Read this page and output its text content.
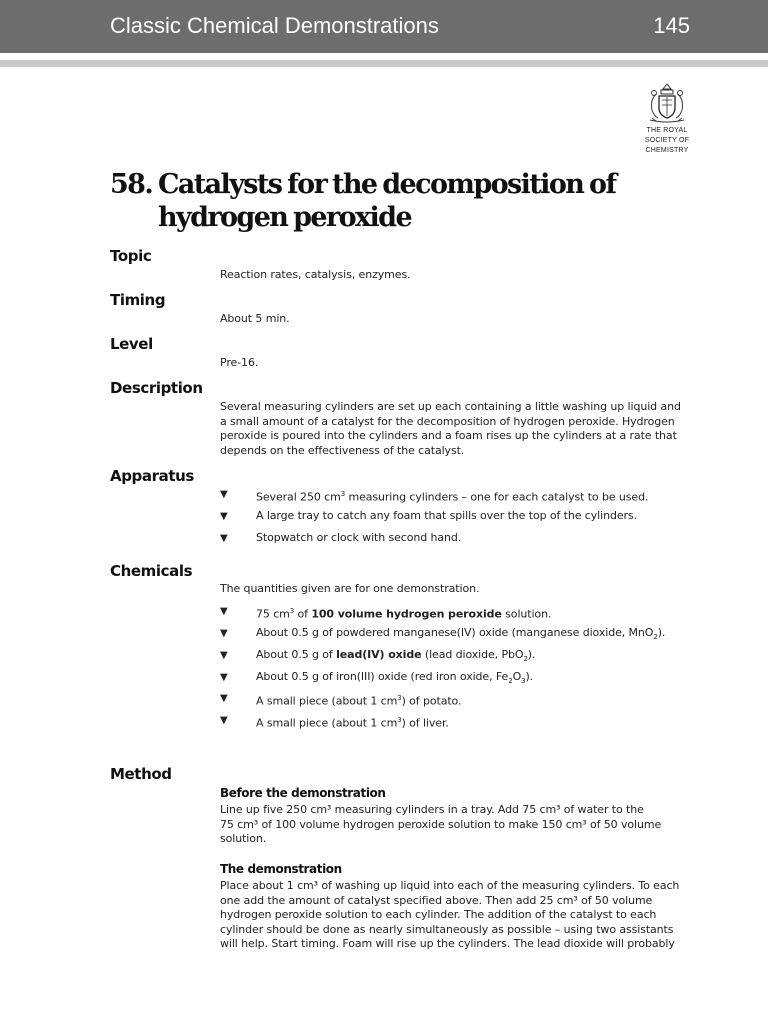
Classic Chemical Demonstrations	145
THE ROYAL
SOCIETY OF
CHEMISTRY
58. Catalysts for the decomposition of
hydrogen peroxide
Topic
Reaction rates, catalysis, enzymes.
Timing
About 5 min.
Level
Pre-16.
Description
Several measuring cylinders are set up each containing a little washing up liquid and
a small amount of a catalyst for the decomposition of hydrogen peroxide. Hydrogen
peroxide is poured into the cylinders and a foam rises up the cylinders at a rate that
depends on the effectiveness of the catalyst.
Apparatus
▼	Several 250 $cm^3$ measuring cylinders – one for each catalyst to be used.
▼	A large tray to catch any foam that spills over the top of the cylinders.
▼	Stopwatch or clock with second hand.
Chemicals
The quantities given are for one demonstration.
▼	75 $cm^3$ of 100 volume hydrogen peroxide solution.
▼	About 0.5 g of powdered manganese(IV) oxide (manganese dioxide, MnO$_2$).
▼	About 0.5 g of lead(IV) oxide (lead dioxide, PbO$_2$).
▼	About 0.5 g of iron(III) oxide (red iron oxide, $Fe_2O_3$).
▼	A small piece (about 1 $cm^3$) of potato.
▼	A small piece (about 1 $cm^3$) of liver.
Method
Before the demonstration
Line up five 250 cm³ measuring cylinders in a tray. Add 75 cm³ of water to the
75 cm³ of 100 volume hydrogen peroxide solution to make 150 cm³ of 50 volume
solution.
The demonstration
Place about 1 cm³ of washing up liquid into each of the measuring cylinders. To each
one add the amount of catalyst specified above. Then add 25 cm³ of 50 volume
hydrogen peroxide solution to each cylinder. The addition of the catalyst to each
cylinder should be done as nearly simultaneously as possible – using two assistants
will help. Start timing. Foam will rise up the cylinders. The lead dioxide will probably
